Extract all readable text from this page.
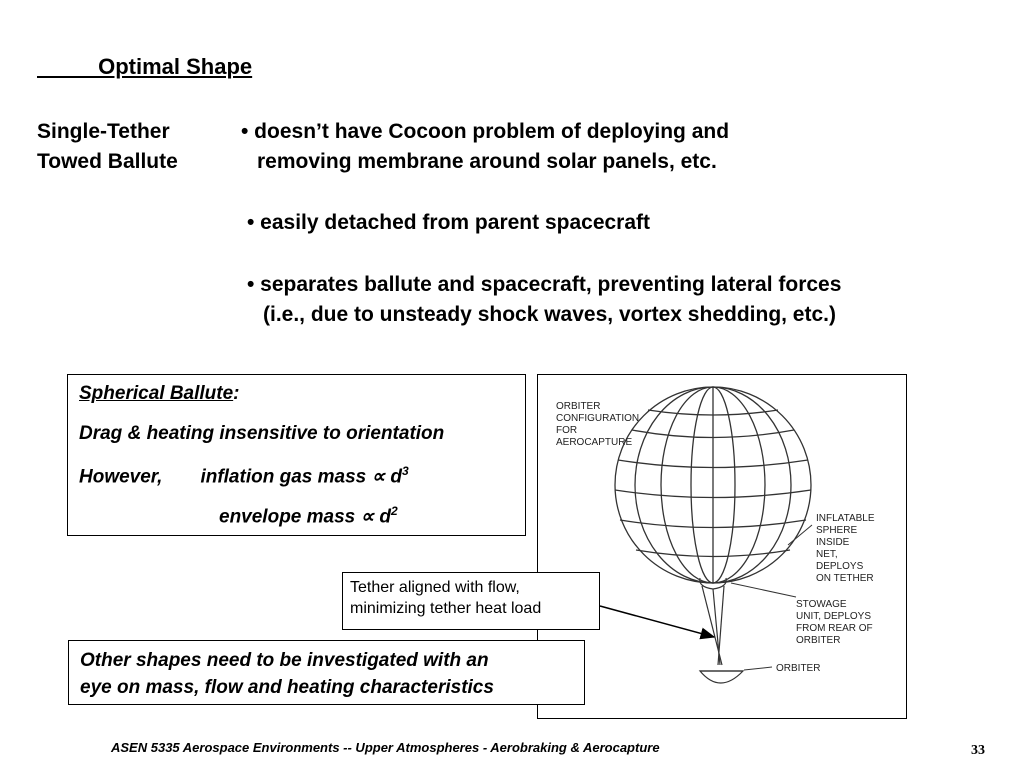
Optimal Shape
Single-Tether
Towed Ballute
• doesn’t have Cocoon problem of deploying and
removing membrane around solar panels, etc.
• easily detached from parent spacecraft
• separates ballute and spacecraft, preventing lateral forces
(i.e., due to unsteady shock waves, vortex shedding, etc.)
Spherical Ballute:
Drag & heating insensitive to orientation
However, inflation gas mass ∝ $d^3$
envelope mass ∝ $d^2$
ORBITER CONFIGURATION FOR AEROCAPTURE
INFLATABLE SPHERE INSIDE NET, DEPLOYS ON TETHER
STOWAGE UNIT, DEPLOYS FROM REAR OF ORBITER
ORBITER
Tether aligned with flow,
minimizing tether heat load
Other shapes need to be investigated with an
eye on mass, flow and heating characteristics
ASEN 5335 Aerospace Environments -- Upper Atmospheres - Aerobraking & Aerocapture	33
